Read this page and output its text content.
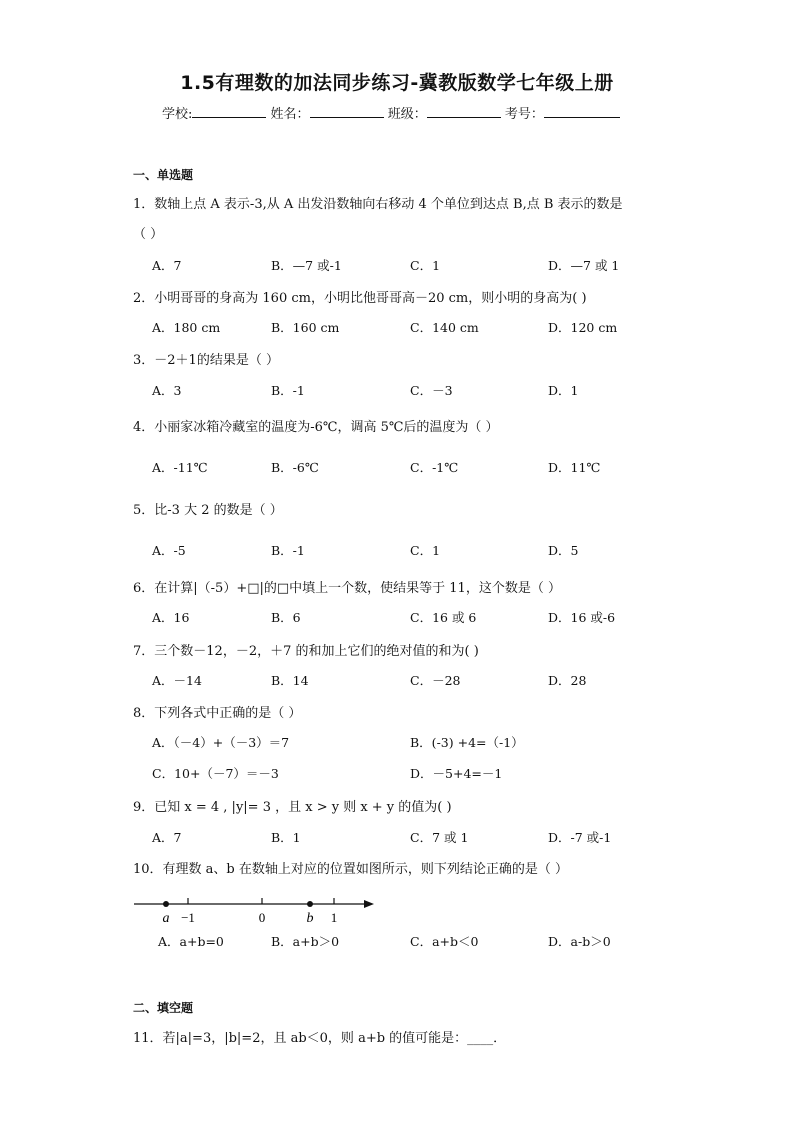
1.5有理数的加法同步练习-冀教版数学七年级上册
学校:	姓名：	班级：	考号：
一、单选题
1．数轴上点 A 表示-3,从 A 出发沿数轴向右移动 4 个单位到达点 B,点 B 表示的数是
（ ）
A．7	B．—7 或-1	C．1	D．—7 或 1
2．小明哥哥的身高为 160 cm，小明比他哥哥高－20 cm，则小明的身高为( )
A．180 cm	B．160 cm	C．140 cm	D．120 cm
3．－2＋1的结果是（ ）
A．3	B．-1	C．－3	D．1
4．小丽家冰箱冷藏室的温度为-6℃，调高 5℃后的温度为（ ）
A．-11℃	B．-6℃	C．-1℃	D．11℃
5．比-3 大 2 的数是（ ）
A．-5	B．-1	C．1	D．5
6．在计算|（-5）+□|的□中填上一个数，使结果等于 11，这个数是（ ）
A．16	B．6	C．16 或 6	D．16 或-6
7．三个数－12，－2，＋7 的和加上它们的绝对值的和为( )
A．－14	B．14	C．－28	D．28
8．下列各式中正确的是（ ）
A．（－4）+（－3）＝7	B．(-3) +4=（-1）
C．10+（－7）＝－3	D．－5+4=－1
9．已知 x = 4 , |y|= 3 ，且 x > y 则 x + y 的值为( )
A．7	B．1	C．7 或 1	D．-7 或-1
10．有理数 a、b 在数轴上对应的位置如图所示，则下列结论正确的是（ ）
a −1	0	b 1
A．a+b=0	B．a+b＞0	C．a+b＜0	D．a-b＞0
二、填空题
11．若|a|=3，|b|=2，且 ab＜0，则 a+b 的值可能是：____．
